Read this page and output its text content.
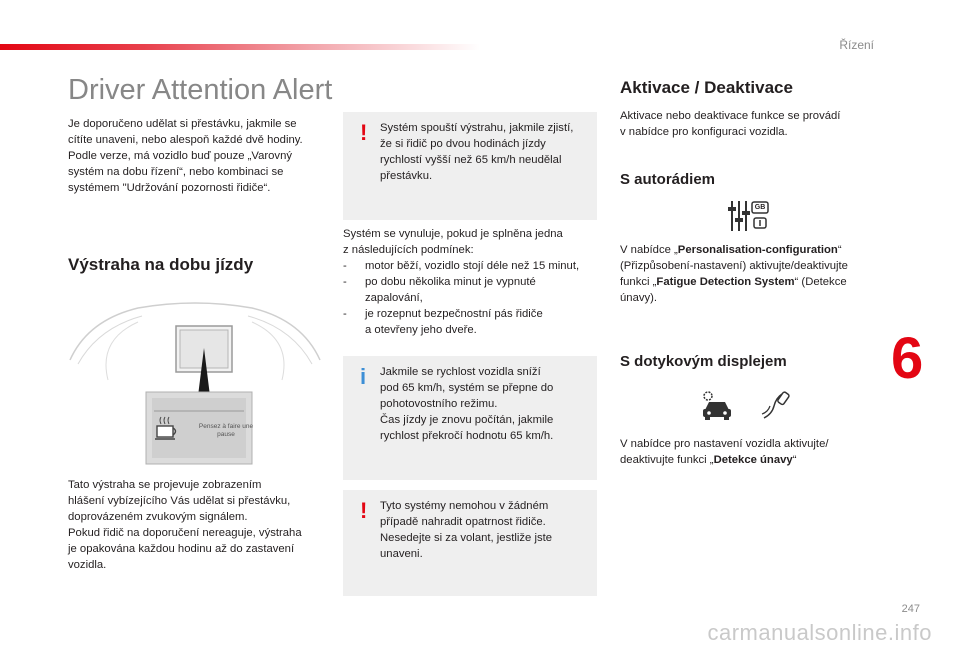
Řízení
6
247
carmanualsonline.info
Driver Attention Alert

Je doporučeno udělat si přestávku, jakmile se
cítíte unaveni, nebo alespoň každé dvě hodiny.
Podle verze, má vozidlo buď pouze „Varovný
systém na dobu řízení“, nebo kombinaci se
systémem "Udržování pozornosti řidiče“.

Výstraha na dobu jízdy
Pensez à faire une pause

Tato výstraha se projevuje zobrazením
hlášení vybízejícího Vás udělat si přestávku,
doprovázeném zvukovým signálem.
Pokud řidič na doporučení nereaguje, výstraha
je opakována každou hodinu až do zastavení
vozidla.

! Systém spouští výstrahu, jakmile zjistí,
že si řidič po dvou hodinách jízdy
rychlostí vyšší než 65 km/h neudělal
přestávku.

Systém se vynuluje, pokud je splněna jedna
z následujících podmínek:

- motor běží, vozidlo stojí déle než 15 minut,
- po dobu několika minut je vypnuté
zapalování,
- je rozepnut bezpečnostní pás řidiče
a otevřeny jeho dveře.
i Jakmile se rychlost vozidla sníží
pod 65 km/h, systém se přepne do
pohotovostního režimu.
Čas jízdy je znovu počítán, jakmile
rychlost překročí hodnotu 65 km/h.
! Tyto systémy nemohou v žádném
případě nahradit opatrnost řidiče.
Nesedejte si za volant, jestliže jste
unaveni.
Aktivace / Deaktivace

Aktivace nebo deaktivace funkce se provádí
v nabídce pro konfiguraci vozidla.

S autorádiem
GB

V nabídce „Personalisation-configuration“
(Přizpůsobení-nastavení) aktivujte/deaktivujte
funkci „Fatigue Detection System“ (Detekce
únavy).

S dotykovým displejem

V nabídce pro nastavení vozidla aktivujte/
deaktivujte funkci „Detekce únavy“
